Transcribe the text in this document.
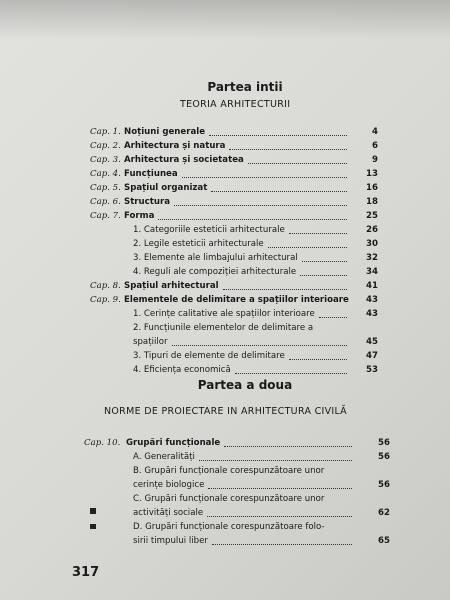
Partea intii
TEORIA ARHITECTURII
Cap. 1. Noțiuni generale	4
Cap. 2. Arhitectura și natura	6
Cap. 3. Arhitectura și societatea	9
Cap. 4. Funcțiunea	13
Cap. 5. Spațiul organizat	16
Cap. 6. Structura	18
Cap. 7. Forma	25
1. Categoriile esteticii arhitecturale	26
2. Legile esteticii arhitecturale	30
3. Elemente ale limbajului arhitectural	32
4. Reguli ale compoziției arhitecturale	34
Cap. 8. Spațiul arhitectural	41
Cap. 9. Elementele de delimitare a spațiilor interioare	43
1. Cerințe calitative ale spațiilor interioare	43
2. Funcțiunile elementelor de delimitare a
spațiilor	45
3. Tipuri de elemente de delimitare	47
4. Eficiența economică	53
Partea a doua
NORME DE PROIECTARE IN ARHITECTURA CIVILĂ
Cap. 10. Grupări funcționale	56
A. Generalități	56
B. Grupări funcționale corespunzătoare unor
cerințe biologice	56
C. Grupări funcționale corespunzătoare unor
activități sociale	62
D. Grupări funcționale corespunzătoare folo-
sirii timpului liber	65
317
